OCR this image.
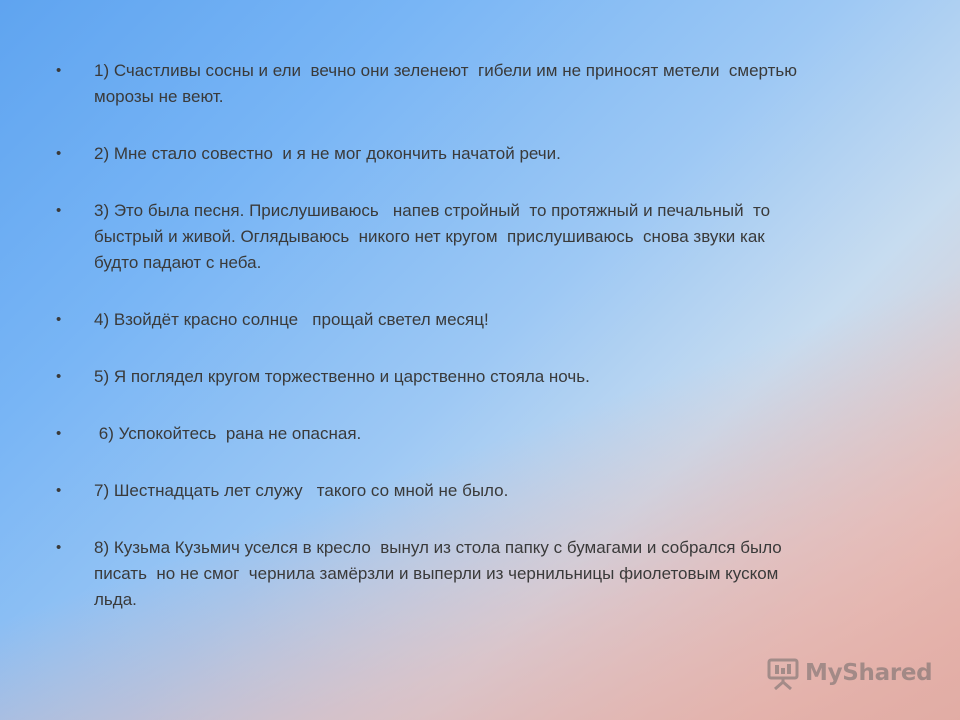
•	1) Счастливы сосны и ели  вечно они зеленеют  гибели им не приносят метели  смертью
морозы не веют.
•	2) Мне стало совестно  и я не мог докончить начатой речи.
•	3) Это была песня. Прислушиваюсь   напев стройный  то протяжный и печальный  то
быстрый и живой. Оглядываюсь  никого нет кругом  прислушиваюсь  снова звуки как
будто падают с неба.
•	4) Взойдёт красно солнце   прощай светел месяц!
•	5) Я поглядел кругом торжественно и царственно стояла ночь.
•	6) Успокойтесь  рана не опасная.
•	7) Шестнадцать лет служу   такого со мной не было.
•	8) Кузьма Кузьмич уселся в кресло  вынул из стола папку с бумагами и собрался было
писать  но не смог  чернила замёрзли и выперли из чернильницы фиолетовым куском
льда.
MyShared
